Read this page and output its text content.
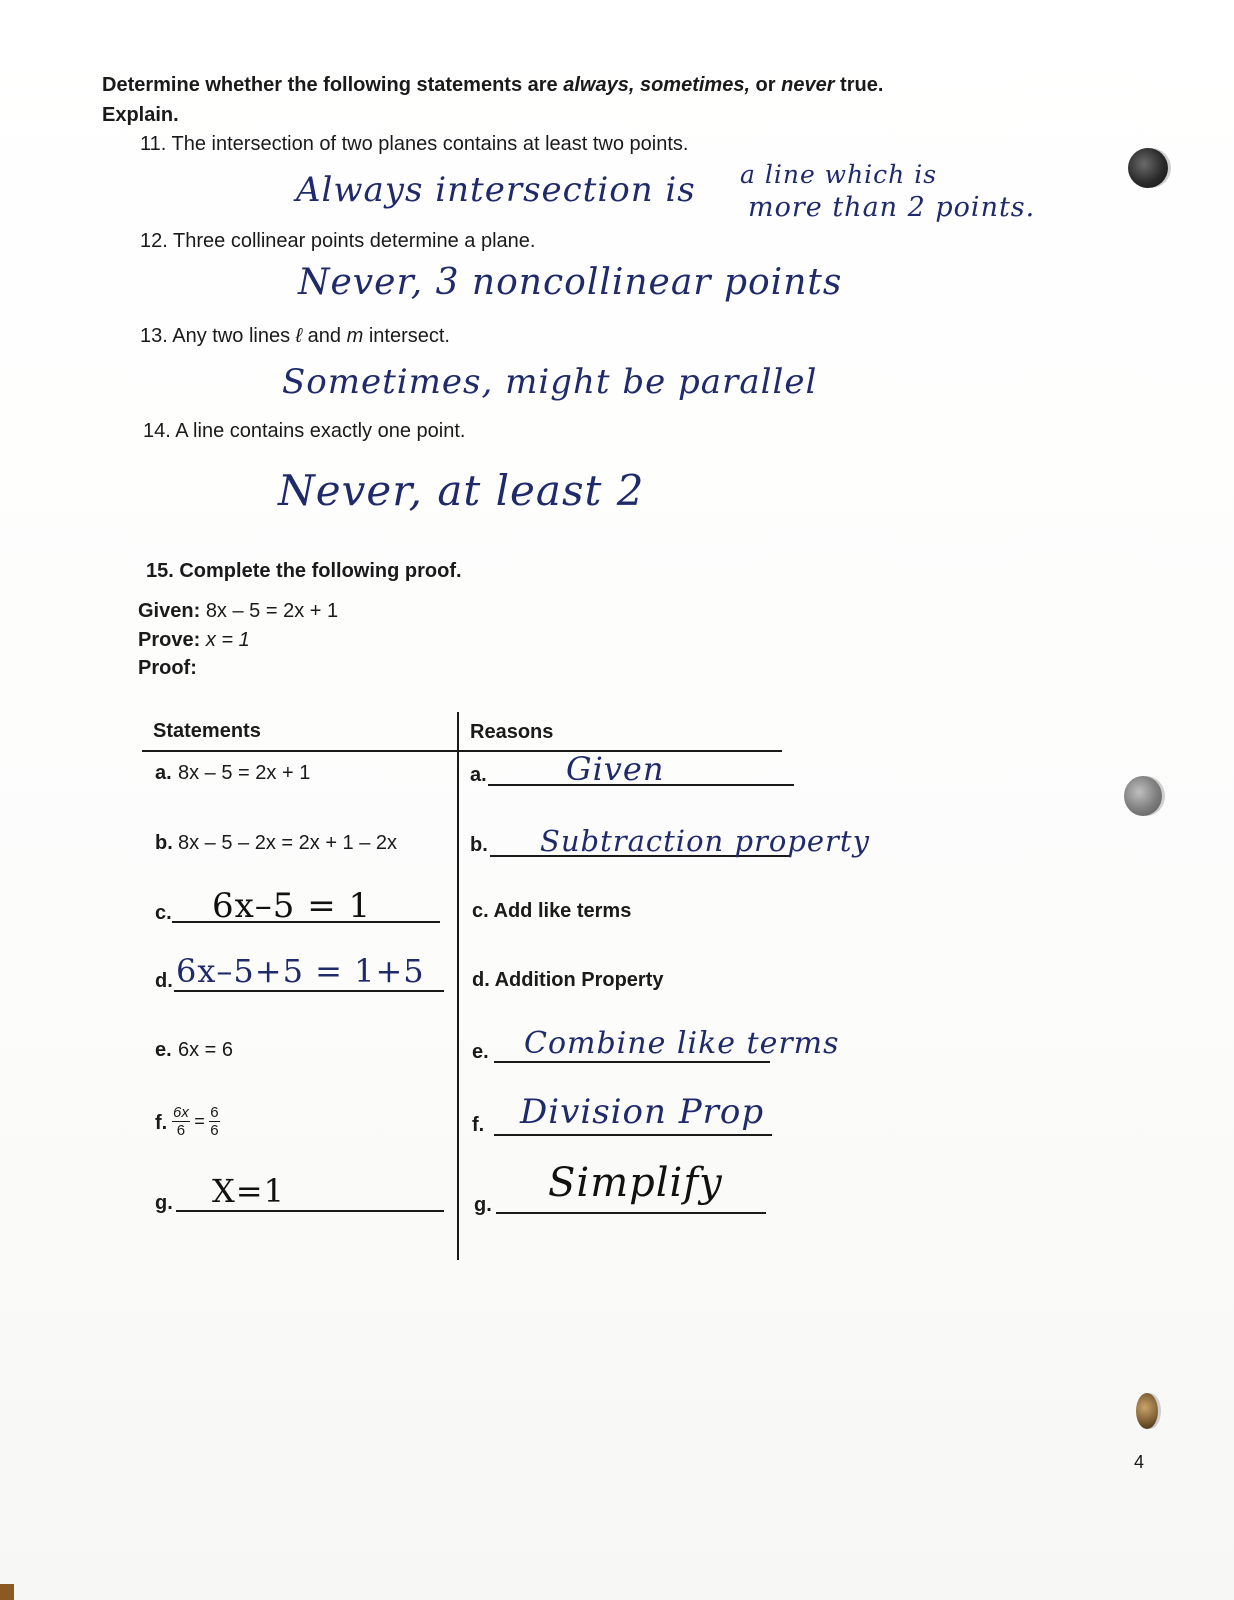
Determine whether the following statements are always, sometimes, or never true.
Explain.
11. The intersection of two planes contains at least two points.
Always intersection is a line which is
more than 2 points.
12. Three collinear points determine a plane.
Never, 3 noncollinear points
13. Any two lines ℓ and m intersect.
Sometimes, might be parallel
14. A line contains exactly one point.
Never, at least 2
15. Complete the following proof.
Given: 8x – 5 = 2x + 1
Prove: x = 1
Proof:
Statements	Reasons
a. 8x – 5 = 2x + 1	a. Given
b. 8x – 5 – 2x = 2x + 1 – 2x	b. Subtraction property
c. 6x–5 = 1	c. Add like terms
d. 6x–5+5 = 1+5 d. Addition Property
e. 6x = 6	e. Combine like terms
f. $\frac{6x}{6} = \frac{6}{6}$	f. Division Prop
g. X=1	g. Simplify
4
